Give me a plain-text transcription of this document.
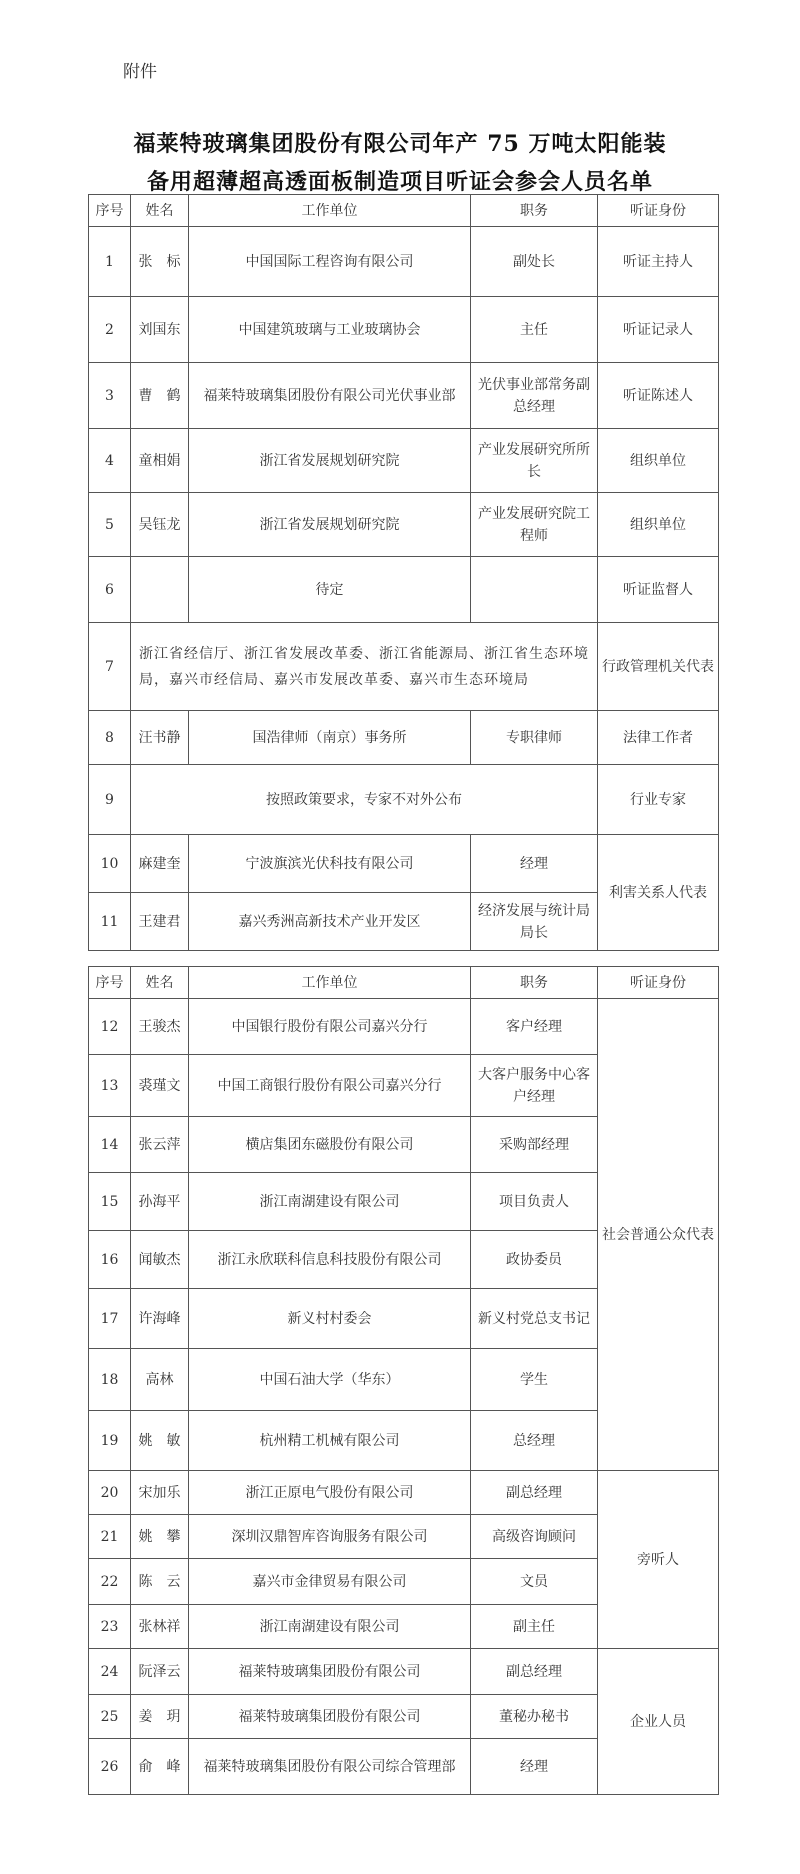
附件
福莱特玻璃集团股份有限公司年产 75 万吨太阳能装
备用超薄超高透面板制造项目听证会参会人员名单
序号	姓名	工作单位	职务	听证身份
1	张　标	中国国际工程咨询有限公司	副处长	听证主持人
2	刘国东	中国建筑玻璃与工业玻璃协会	主任	听证记录人
3	曹　鹤	福莱特玻璃集团股份有限公司光伏事业部	光伏事业部常务副总经理	听证陈述人
4	童相娟	浙江省发展规划研究院	产业发展研究所所长	组织单位
5	吴钰龙	浙江省发展规划研究院	产业发展研究院工程师	组织单位
6		待定		听证监督人
7	浙江省经信厅、浙江省发展改革委、浙江省能源局、浙江省生态环境局，嘉兴市经信局、嘉兴市发展改革委、嘉兴市生态环境局			行政管理机关代表
8	汪书静	国浩律师（南京）事务所	专职律师	法律工作者
9	按照政策要求，专家不对外公布			行业专家
10	麻建奎	宁波旗滨光伏科技有限公司	经理	利害关系人代表
11	王建君	嘉兴秀洲高新技术产业开发区	经济发展与统计局局长	
序号	姓名	工作单位	职务	听证身份
12	王骏杰	中国银行股份有限公司嘉兴分行	客户经理	社会普通公众代表
13	裘瑾文	中国工商银行股份有限公司嘉兴分行	大客户服务中心客户经理	
14	张云萍	横店集团东磁股份有限公司	采购部经理	
15	孙海平	浙江南湖建设有限公司	项目负责人	
16	闻敏杰	浙江永欣联科信息科技股份有限公司	政协委员	
17	许海峰	新义村村委会	新义村党总支书记	
18	高林	中国石油大学（华东）	学生	
19	姚　敏	杭州精工机械有限公司	总经理	
20	宋加乐	浙江正原电气股份有限公司	副总经理	旁听人
21	姚　攀	深圳汉鼎智库咨询服务有限公司	高级咨询顾问	
22	陈　云	嘉兴市金律贸易有限公司	文员	
23	张林祥	浙江南湖建设有限公司	副主任	
24	阮泽云	福莱特玻璃集团股份有限公司	副总经理	企业人员
25	姜　玥	福莱特玻璃集团股份有限公司	董秘办秘书	
26	俞　峰	福莱特玻璃集团股份有限公司综合管理部	经理	
